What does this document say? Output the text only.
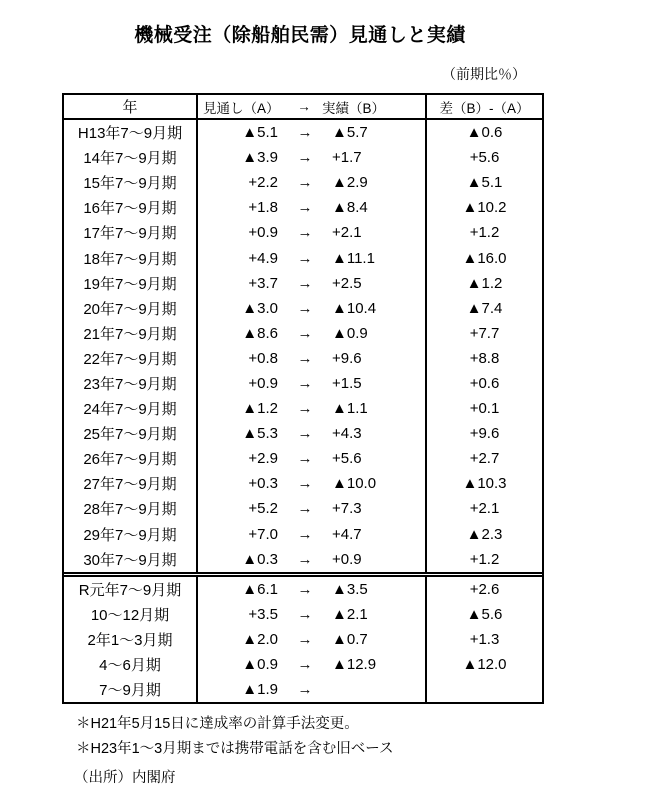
機械受注（除船舶民需）見通しと実績
（前期比％）
年	見通し（A）	→ 実績（B）	差（B）-（A）
H13年7～9月期	▲5.1	→	▲5.7	▲0.6
14年7～9月期	▲3.9	→	+1.7	+5.6
15年7～9月期	+2.2	→	▲2.9	▲5.1
16年7～9月期	+1.8	→	▲8.4	▲10.2
17年7～9月期	+0.9	→	+2.1	+1.2
18年7～9月期	+4.9	→	▲11.1	▲16.0
19年7～9月期	+3.7	→	+2.5	▲1.2
20年7～9月期	▲3.0	→	▲10.4	▲7.4
21年7～9月期	▲8.6	→	▲0.9	+7.7
22年7～9月期	+0.8	→	+9.6	+8.8
23年7～9月期	+0.9	→	+1.5	+0.6
24年7～9月期	▲1.2	→	▲1.1	+0.1
25年7～9月期	▲5.3	→	+4.3	+9.6
26年7～9月期	+2.9	→	+5.6	+2.7
27年7～9月期	+0.3	→	▲10.0	▲10.3
28年7～9月期	+5.2	→	+7.3	+2.1
29年7～9月期	+7.0	→	+4.7	▲2.3
30年7～9月期	▲0.3	→	+0.9	+1.2
R元年7～9月期	▲6.1	→	▲3.5	+2.6
10～12月期	+3.5	→	▲2.1	▲5.6
2年1～3月期	▲2.0	→	▲0.7	+1.3
4～6月期	▲0.9	→	▲12.9	▲12.0
7～9月期	▲1.9	→
＊H21年5月15日に達成率の計算手法変更。
＊H23年1～3月期までは携帯電話を含む旧ベース
（出所）内閣府
